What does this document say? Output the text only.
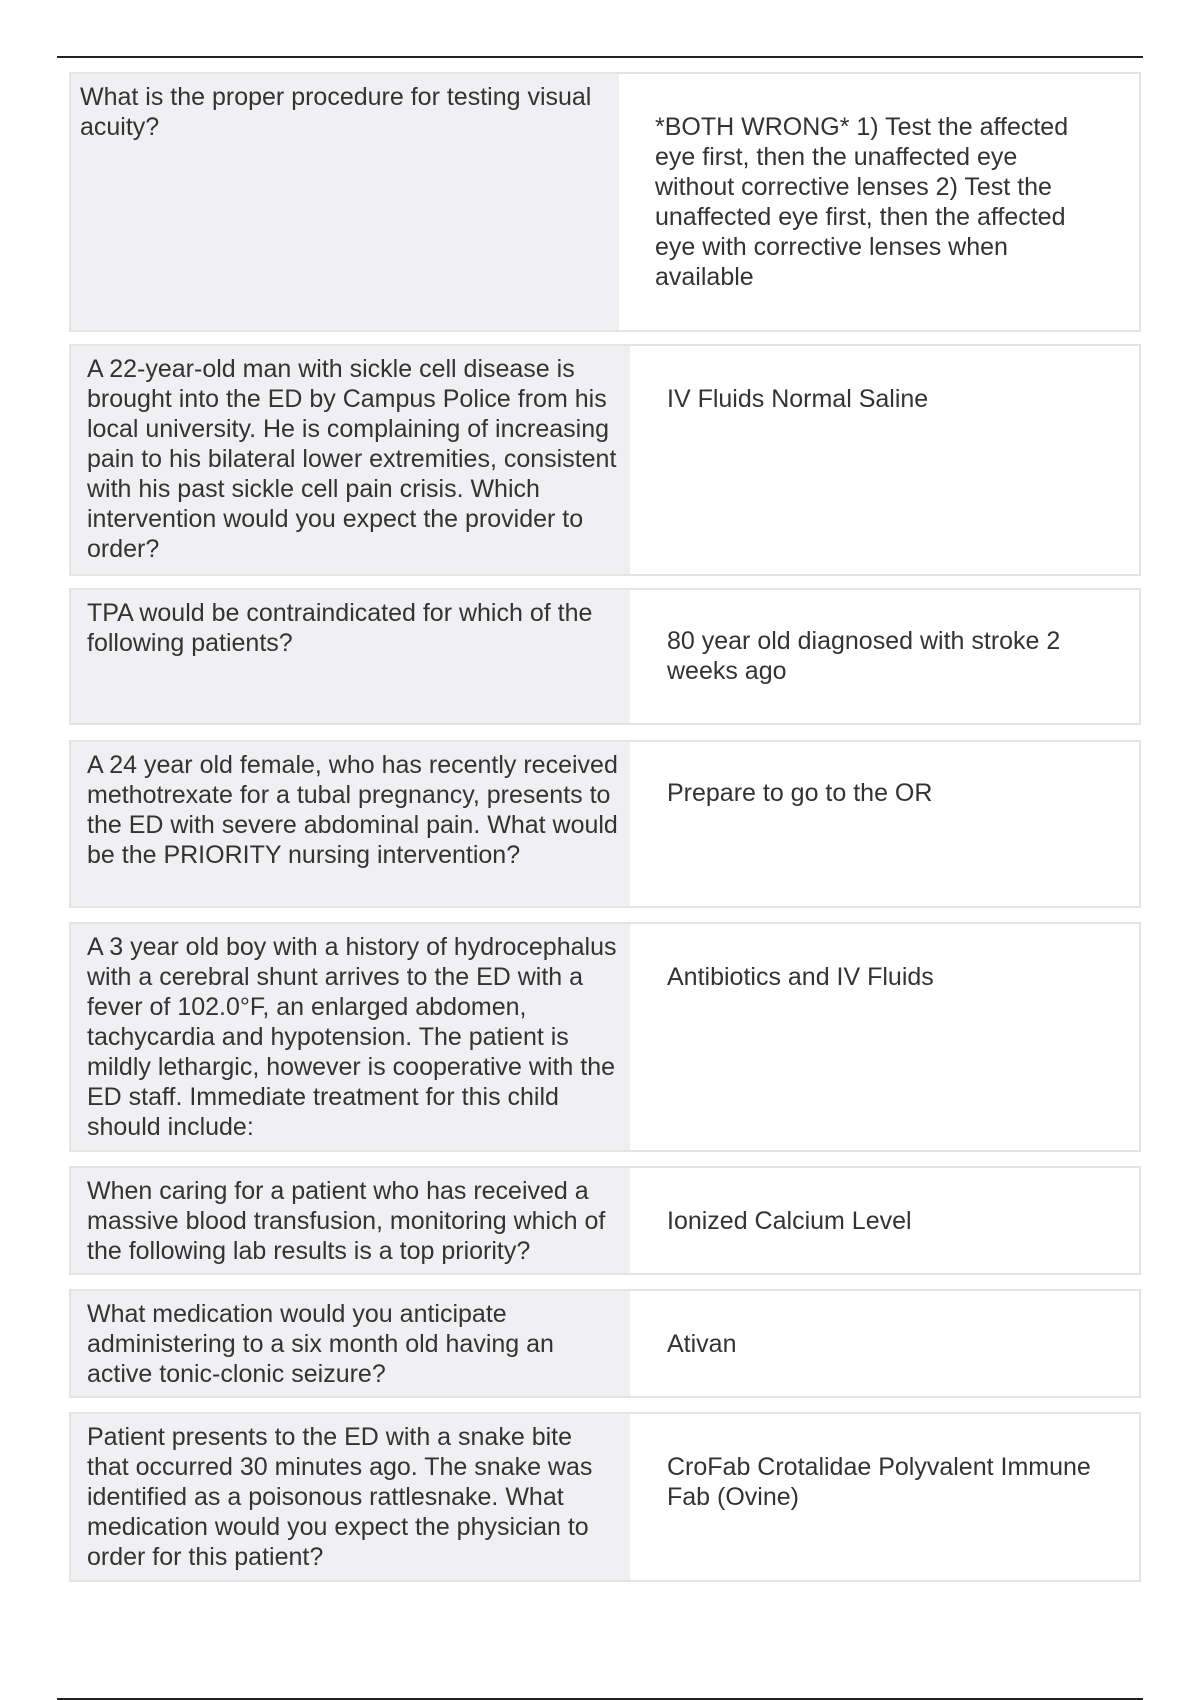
What is the proper procedure for testing visual acuity?	*BOTH WRONG* 1) Test the affected eye first, then the unaffected eye without corrective lenses 2) Test the unaffected eye first, then the affected eye with corrective lenses when available
A 22-year-old man with sickle cell disease is brought into the ED by Campus Police from his local university. He is complaining of increasing pain to his bilateral lower extremities, consistent with his past sickle cell pain crisis. Which intervention would you expect the provider to order?
IV Fluids Normal Saline
TPA would be contraindicated for which of the following patients?	80 year old diagnosed with stroke 2 weeks ago
A 24 year old female, who has recently received methotrexate for a tubal pregnancy, presents to the ED with severe abdominal pain. What would be the PRIORITY nursing intervention?
Prepare to go to the OR
A 3 year old boy with a history of hydrocephalus with a cerebral shunt arrives to the ED with a fever of 102.0°F, an enlarged abdomen, tachycardia and hypotension. The patient is mildly lethargic, however is cooperative with the ED staff. Immediate treatment for this child should include:
Antibiotics and IV Fluids
When caring for a patient who has received a massive blood transfusion, monitoring which of the following lab results is a top priority?
Ionized Calcium Level
What medication would you anticipate administering to a six month old having an active tonic-clonic seizure?
Ativan
Patient presents to the ED with a snake bite that occurred 30 minutes ago. The snake was identified as a poisonous rattlesnake. What medication would you expect the physician to order for this patient?
CroFab Crotalidae Polyvalent Immune Fab (Ovine)
